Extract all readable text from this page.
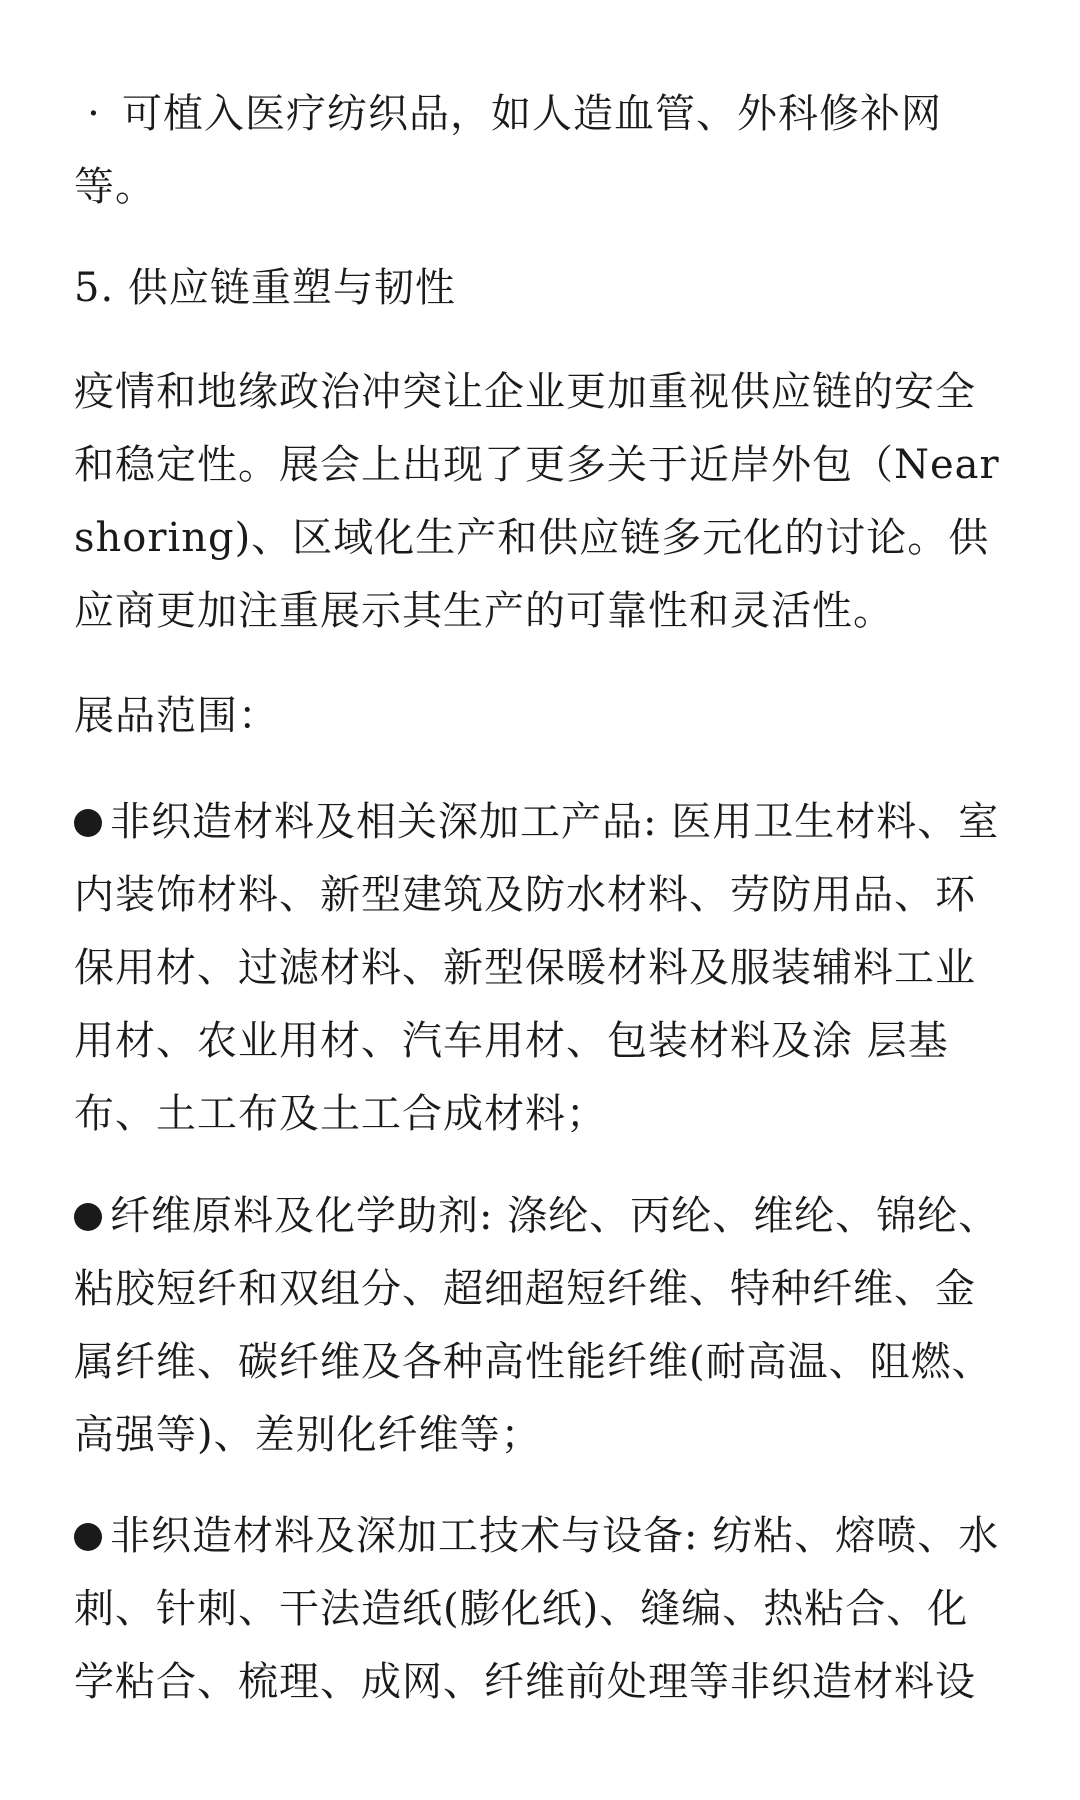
· 可植入医疗纺织品，如人造血管、外科修补网等。

5. 供应链重塑与韧性

疫情和地缘政治冲突让企业更加重视供应链的安全和稳定性。展会上出现了更多关于近岸外包（Near shoring)、区域化生产和供应链多元化的讨论。供应商更加注重展示其生产的可靠性和灵活性。

展品范围：

非织造材料及相关深加工产品: 医用卫生材料、室内装饰材料、新型建筑及防水材料、劳防用品、环保用材、过滤材料、新型保暖材料及服装辅料工业用材、农业用材、汽车用材、包装材料及涂 层基布、土工布及土工合成材料；

纤维原料及化学助剂: 涤纶、丙纶、维纶、锦纶、粘胶短纤和双组分、超细超短纤维、特种纤维、金属纤维、碳纤维及各种高性能纤维(耐高温、阻燃、高强等)、差别化纤维等；

非织造材料及深加工技术与设备: 纺粘、熔喷、水刺、针刺、干法造纸(膨化纸)、缝编、热粘合、化学粘合、梳理、成网、纤维前处理等非织造材料设
